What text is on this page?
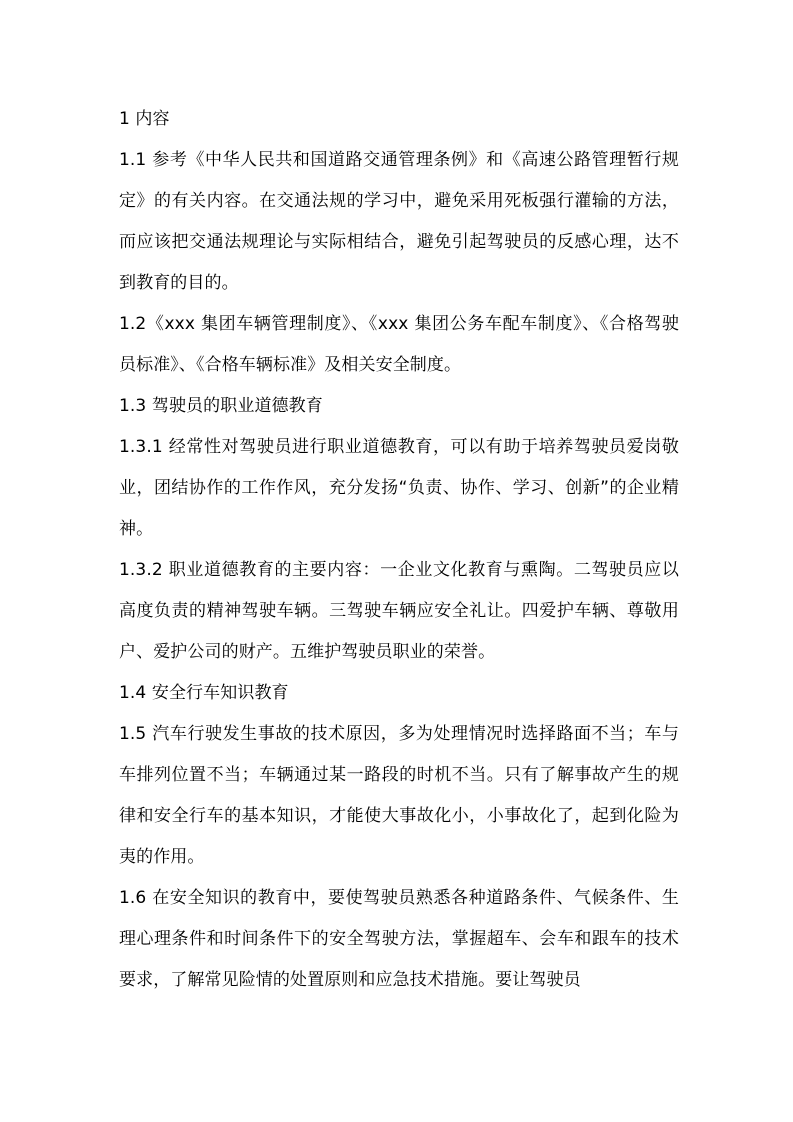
1 内容

1.1 参考《中华人民共和国道路交通管理条例》和《高速公路管理暂行规定》的有关内容。在交通法规的学习中，避免采用死板强行灌输的方法，而应该把交通法规理论与实际相结合，避免引起驾驶员的反感心理，达不到教育的目的。

1.2《xxx 集团车辆管理制度》、《xxx 集团公务车配车制度》、《合格驾驶员标准》、《合格车辆标准》及相关安全制度。

1.3 驾驶员的职业道德教育

1.3.1 经常性对驾驶员进行职业道德教育，可以有助于培养驾驶员爱岗敬业，团结协作的工作作风，充分发扬“负责、协作、学习、创新”的企业精神。

1.3.2 职业道德教育的主要内容：一企业文化教育与熏陶。二驾驶员应以高度负责的精神驾驶车辆。三驾驶车辆应安全礼让。四爱护车辆、尊敬用户、爱护公司的财产。五维护驾驶员职业的荣誉。

1.4 安全行车知识教育

1.5 汽车行驶发生事故的技术原因，多为处理情况时选择路面不当；车与车排列位置不当；车辆通过某一路段的时机不当。只有了解事故产生的规律和安全行车的基本知识，才能使大事故化小，小事故化了，起到化险为夷的作用。

1.6 在安全知识的教育中，要使驾驶员熟悉各种道路条件、气候条件、生理心理条件和时间条件下的安全驾驶方法，掌握超车、会车和跟车的技术要求，了解常见险情的处置原则和应急技术措施。要让驾驶员
